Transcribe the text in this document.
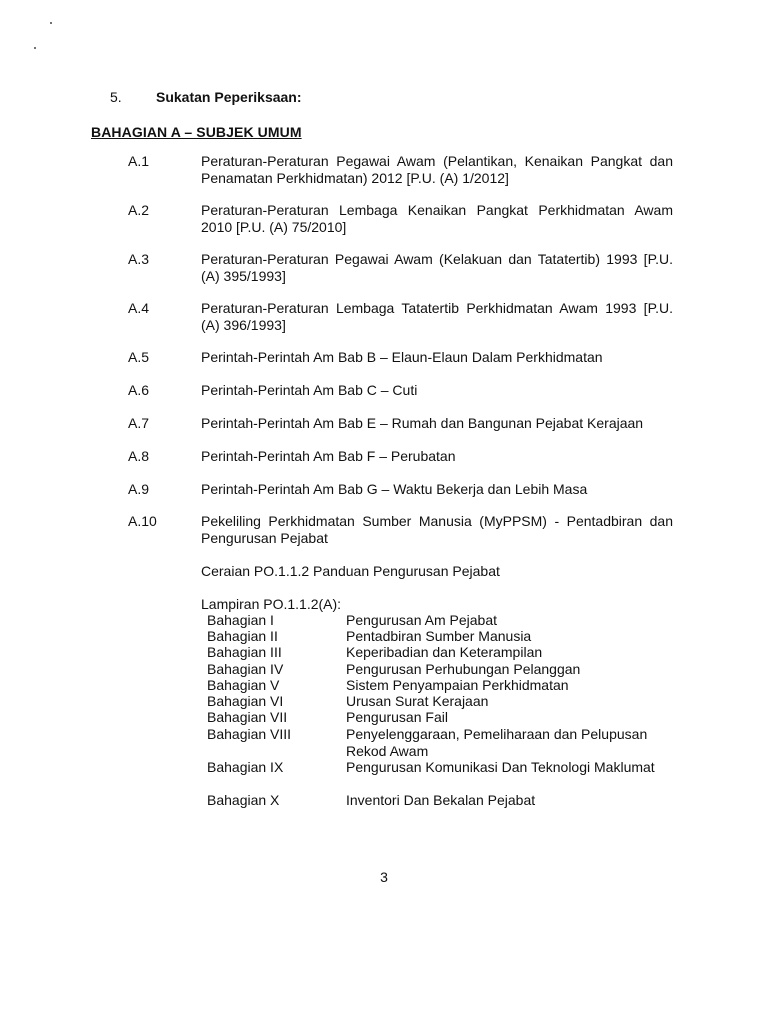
5. Sukatan Peperiksaan:
BAHAGIAN A – SUBJEK UMUM
A.1	Peraturan-Peraturan Pegawai Awam (Pelantikan, Kenaikan Pangkat dan Penamatan Perkhidmatan) 2012 [P.U. (A) 1/2012]
A.2	Peraturan-Peraturan Lembaga Kenaikan Pangkat Perkhidmatan Awam 2010 [P.U. (A) 75/2010]
A.3	Peraturan-Peraturan Pegawai Awam (Kelakuan dan Tatatertib) 1993 [P.U. (A) 395/1993]
A.4	Peraturan-Peraturan Lembaga Tatatertib Perkhidmatan Awam 1993 [P.U. (A) 396/1993]
A.5	Perintah-Perintah Am Bab B – Elaun-Elaun Dalam Perkhidmatan
A.6	Perintah-Perintah Am Bab C – Cuti
A.7	Perintah-Perintah Am Bab E – Rumah dan Bangunan Pejabat Kerajaan
A.8	Perintah-Perintah Am Bab F – Perubatan
A.9	Perintah-Perintah Am Bab G – Waktu Bekerja dan Lebih Masa
A.10	Pekeliling Perkhidmatan Sumber Manusia (MyPPSM) - Pentadbiran dan Pengurusan Pejabat
Ceraian PO.1.1.2 Panduan Pengurusan Pejabat
Lampiran PO.1.1.2(A):
Bahagian I	Pengurusan Am Pejabat
Bahagian II	Pentadbiran Sumber Manusia
Bahagian III	Keperibadian dan Keterampilan
Bahagian IV	Pengurusan Perhubungan Pelanggan
Bahagian V	Sistem Penyampaian Perkhidmatan
Bahagian VI	Urusan Surat Kerajaan
Bahagian VII	Pengurusan Fail
Bahagian VIII	Penyelenggaraan, Pemeliharaan dan Pelupusan Rekod Awam
Bahagian IX	Pengurusan Komunikasi Dan Teknologi Maklumat
Bahagian X	Inventori Dan Bekalan Pejabat
3
